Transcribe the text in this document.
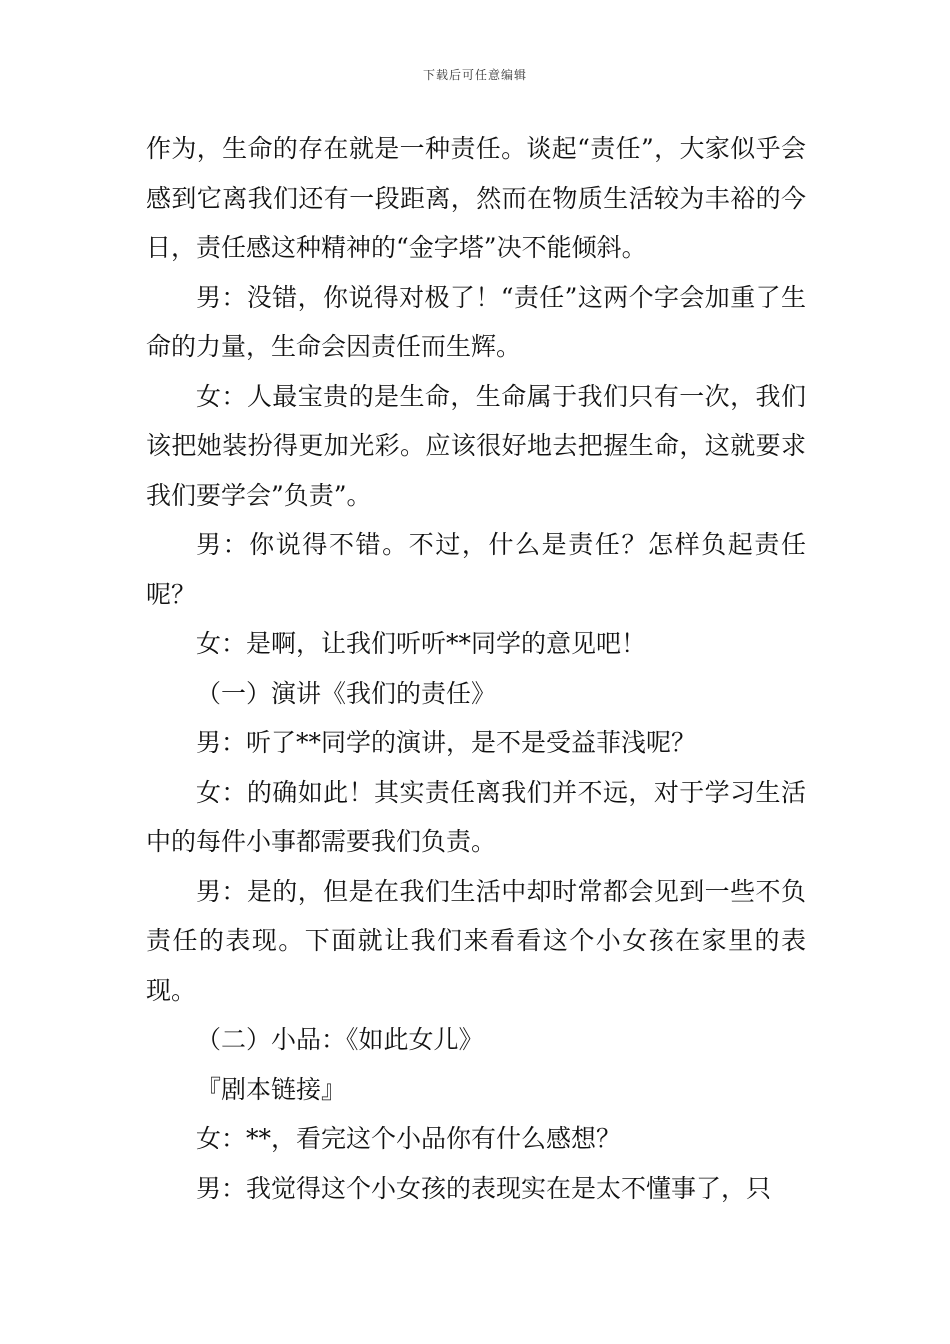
下载后可任意编辑

作为，生命的存在就是一种责任。谈起“责任”，大家似乎会感到它离我们还有一段距离，然而在物质生活较为丰裕的今日，责任感这种精神的“金字塔”决不能倾斜。

男：没错，你说得对极了！“责任”这两个字会加重了生命的力量，生命会因责任而生辉。

女：人最宝贵的是生命，生命属于我们只有一次，我们该把她装扮得更加光彩。应该很好地去把握生命，这就要求我们要学会”负责”。

男：你说得不错。不过，什么是责任？怎样负起责任呢？

女：是啊，让我们听听**同学的意见吧！

（一）演讲《我们的责任》

男：听了**同学的演讲，是不是受益菲浅呢？

女：的确如此！其实责任离我们并不远，对于学习生活中的每件小事都需要我们负责。

男：是的，但是在我们生活中却时常都会见到一些不负责任的表现。下面就让我们来看看这个小女孩在家里的表现。

（二）小品：《如此女儿》

『剧本链接』

女：**，看完这个小品你有什么感想？

男：我觉得这个小女孩的表现实在是太不懂事了，只
